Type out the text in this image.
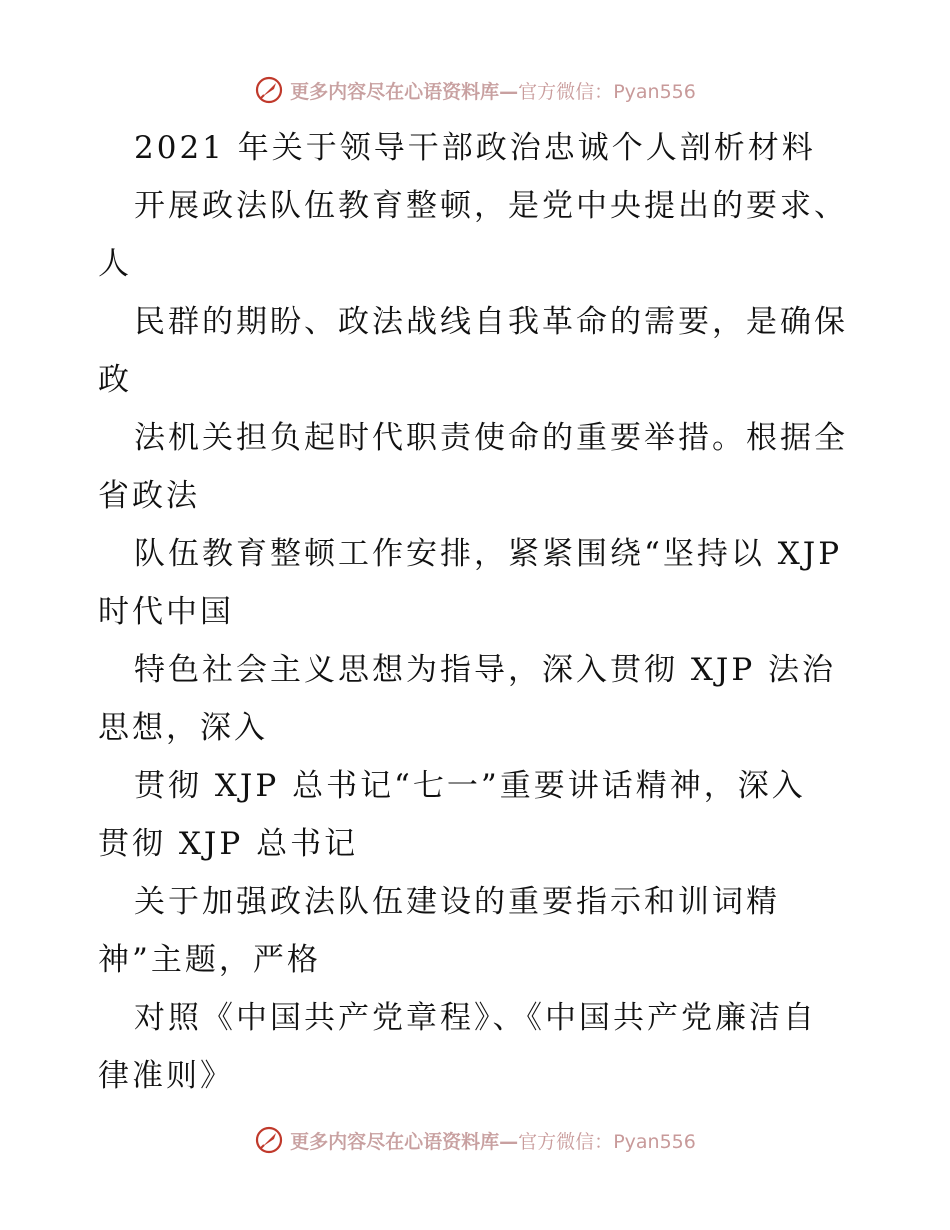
更多内容尽在心语资料库—官方微信：Pyan556
2021 年关于领导干部政治忠诚个人剖析材料
开展政法队伍教育整顿，是党中央提出的要求、
人
民群的期盼、政法战线自我革命的需要，是确保
政
法机关担负起时代职责使命的重要举措。根据全
省政法
队伍教育整顿工作安排，紧紧围绕“坚持以 XJP
时代中国
特色社会主义思想为指导，深入贯彻 XJP 法治
思想，深入
贯彻 XJP 总书记“七一”重要讲话精神，深入
贯彻 XJP 总书记
关于加强政法队伍建设的重要指示和训词精
神”主题，严格
对照《中国共产党章程》、《中国共产党廉洁自
律准则》
更多内容尽在心语资料库—官方微信：Pyan556
